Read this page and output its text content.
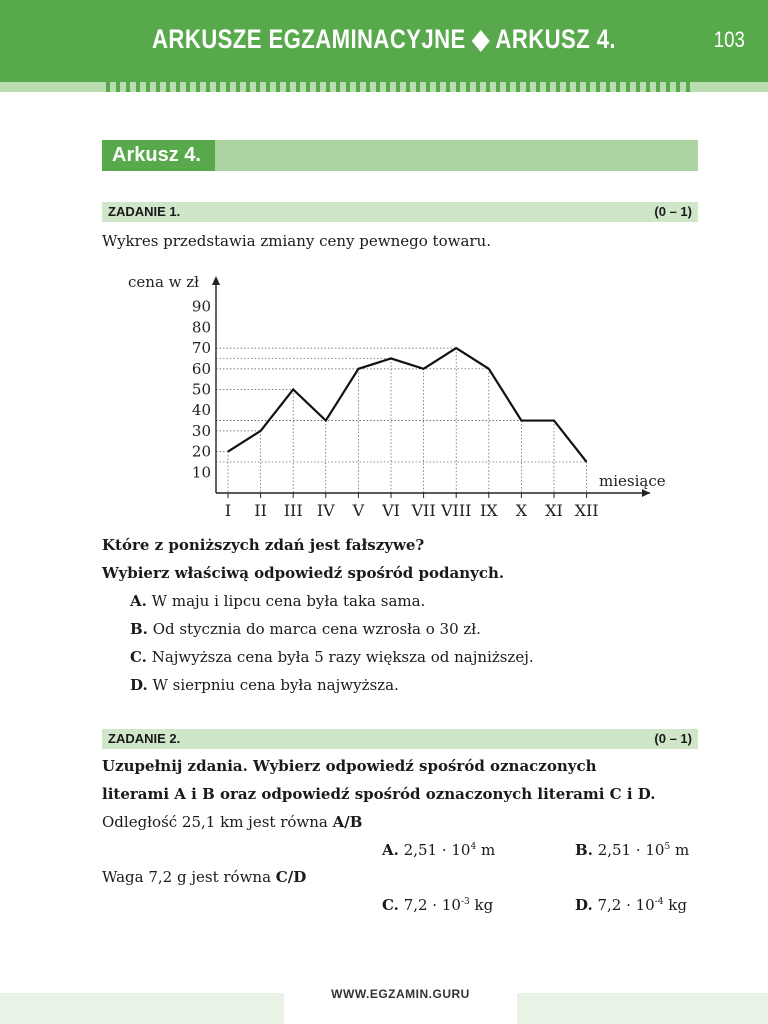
ARKUSZE EGZAMINACYJNE ◆ ARKUSZ 4.	103
Arkusz 4.
ZADANIE 1.	(0 – 1)
Wykres przedstawia zmiany ceny pewnego towaru.
10
20
30
40
50
60
70
80
90
I II III IV V VI VII VIII IX X XI XII
cena w zł
miesiące
Które z poniższych zdań jest fałszywe?
Wybierz właściwą odpowiedź spośród podanych.
A. W maju i lipcu cena była taka sama.
B. Od stycznia do marca cena wzrosła o 30 zł.
C. Najwyższa cena była 5 razy większa od najniższej.
D. W sierpniu cena była najwyższa.
ZADANIE 2.	(0 – 1)
Uzupełnij zdania. Wybierz odpowiedź spośród oznaczonych
literami A i B oraz odpowiedź spośród oznaczonych literami C i D.
Odległość 25,1 km jest równa A/B
A. $2,51 \cdot 10^4$ m	B. $2,51 \cdot 10^5$ m
Waga 7,2 g jest równa C/D
C. $7,2 \cdot 10^{-3}$ kg	D. $7,2 \cdot 10^{-4}$ kg
WWW.EGZAMIN.GURU
